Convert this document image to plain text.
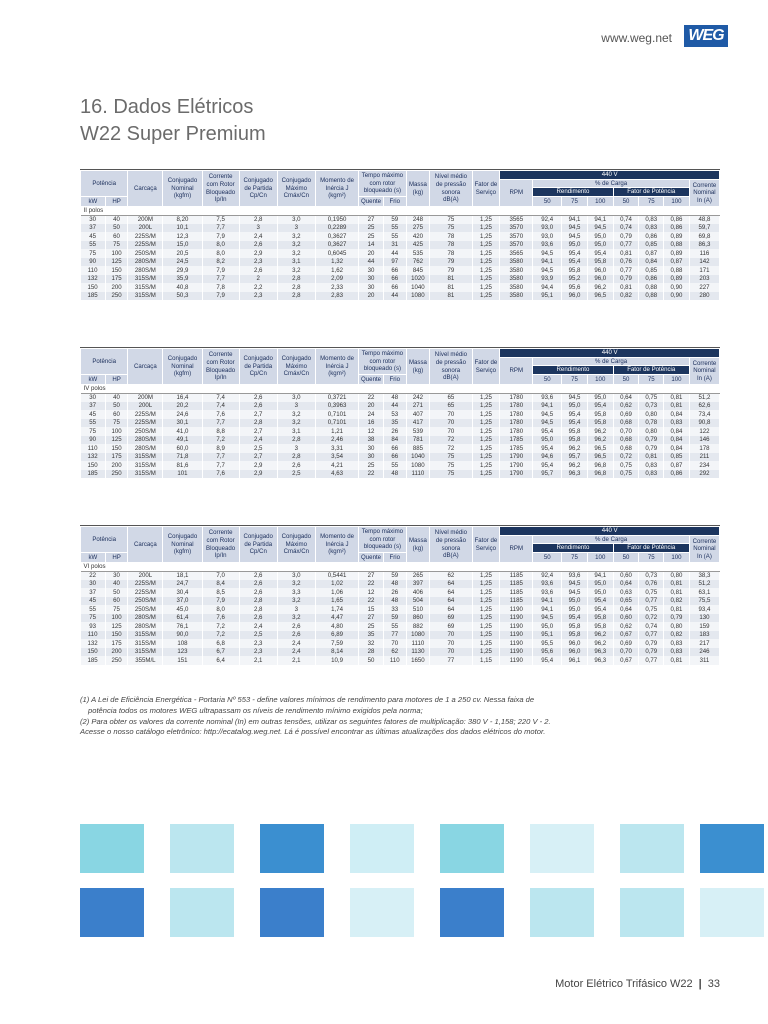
www.weg.net WEG
16. Dados Elétricos
W22 Super Premium
Potência		Carcaça	Conjugado
Nominal
(kgfm)	Corrente
com Rotor
Bloqueado
Ip/In	Conjugado
de Partida
Cp/Cn	Conjugado
Máximo
Cmáx/Cn	Momento de
Inércia J
(kgm²)	Tempo máximo
com rotor
bloqueado (s)		Massa
(kg)	Nível médio
de pressão
sonora
dB(A)	Fator de
Serviço	440 V							
													RPM	% de Carga						Corrente
Nominal
In (A)
														Rendimento			Fator de Potência			
kW	HP							Quente	Frio					50	75	100	50	75	100	
II polos																				
30	40	200M	8,20	7,5	2,8	3,0	0,1950	27	59	248	75	1,25	3565	92,4	94,1	94,1	0,74	0,83	0,86	48,8
37	50	200L	10,1	7,7	3	3	0,2289	25	55	275	75	1,25	3570	93,0	94,5	94,5	0,74	0,83	0,86	59,7
45	60	225S/M	12,3	7,9	2,4	3,2	0,3627	25	55	420	78	1,25	3570	93,0	94,5	95,0	0,79	0,86	0,89	69,8
55	75	225S/M	15,0	8,0	2,6	3,2	0,3627	14	31	425	78	1,25	3570	93,6	95,0	95,0	0,77	0,85	0,88	86,3
75	100	250S/M	20,5	8,0	2,9	3,2	0,6045	20	44	535	78	1,25	3565	94,5	95,4	95,4	0,81	0,87	0,89	116
90	125	280S/M	24,5	8,2	2,3	3,1	1,32	44	97	762	79	1,25	3580	94,1	95,4	95,8	0,76	0,84	0,87	142
110	150	280S/M	29,9	7,9	2,6	3,2	1,62	30	66	845	79	1,25	3580	94,5	95,8	96,0	0,77	0,85	0,88	171
132	175	315S/M	35,9	7,7	2	2,8	2,09	30	66	1020	81	1,25	3580	93,9	95,2	96,0	0,79	0,86	0,89	203
150	200	315S/M	40,8	7,8	2,2	2,8	2,33	30	66	1040	81	1,25	3580	94,4	95,6	96,2	0,81	0,88	0,90	227
185	250	315S/M	50,3	7,9	2,3	2,8	2,83	20	44	1080	81	1,25	3580	95,1	96,0	96,5	0,82	0,88	0,90	280
Potência		Carcaça	Conjugado
Nominal
(kgfm)	Corrente
com Rotor
Bloqueado
Ip/In	Conjugado
de Partida
Cp/Cn	Conjugado
Máximo
Cmáx/Cn	Momento de
Inércia J
(kgm²)	Tempo máximo
com rotor
bloqueado (s)		Massa
(kg)	Nível médio
de pressão
sonora
dB(A)	Fator de
Serviço	440 V							
													RPM	% de Carga						Corrente
Nominal
In (A)
														Rendimento			Fator de Potência			
kW	HP							Quente	Frio					50	75	100	50	75	100	
IV polos																				
30	40	200M	16,4	7,4	2,6	3,0	0,3721	22	48	242	65	1,25	1780	93,6	94,5	95,0	0,64	0,75	0,81	51,2
37	50	200L	20,2	7,4	2,6	3	0,3963	20	44	271	65	1,25	1780	94,1	95,0	95,4	0,62	0,73	0,81	62,6
45	60	225S/M	24,6	7,6	2,7	3,2	0,7101	24	53	407	70	1,25	1780	94,5	95,4	95,8	0,69	0,80	0,84	73,4
55	75	225S/M	30,1	7,7	2,8	3,2	0,7101	16	35	417	70	1,25	1780	94,5	95,4	95,8	0,68	0,78	0,83	90,8
75	100	250S/M	41,0	8,8	2,7	3,1	1,21	12	26	539	70	1,25	1780	95,4	95,8	96,2	0,70	0,80	0,84	122
90	125	280S/M	49,1	7,2	2,4	2,8	2,46	38	84	781	72	1,25	1785	95,0	95,8	96,2	0,68	0,79	0,84	146
110	150	280S/M	60,0	8,9	2,5	3	3,31	30	66	885	72	1,25	1785	95,4	96,2	96,5	0,68	0,79	0,84	178
132	175	315S/M	71,8	7,7	2,7	2,8	3,54	30	66	1040	75	1,25	1790	94,6	95,7	96,5	0,72	0,81	0,85	211
150	200	315S/M	81,6	7,7	2,9	2,6	4,21	25	55	1080	75	1,25	1790	95,4	96,2	96,8	0,75	0,83	0,87	234
185	250	315S/M	101	7,6	2,9	2,5	4,63	22	48	1110	75	1,25	1790	95,7	96,3	96,8	0,75	0,83	0,86	292
Potência		Carcaça	Conjugado
Nominal
(kgfm)	Corrente
com Rotor
Bloqueado
Ip/In	Conjugado
de Partida
Cp/Cn	Conjugado
Máximo
Cmáx/Cn	Momento de
Inércia J
(kgm²)	Tempo máximo
com rotor
bloqueado (s)		Massa
(kg)	Nível médio
de pressão
sonora
dB(A)	Fator de
Serviço	440 V							
													RPM	% de Carga						Corrente
Nominal
In (A)
														Rendimento			Fator de Potência			
kW	HP							Quente	Frio					50	75	100	50	75	100	
VI polos																				
22	30	200L	18,1	7,0	2,6	3,0	0,5441	27	59	265	62	1,25	1185	92,4	93,6	94,1	0,60	0,73	0,80	38,3
30	40	225S/M	24,7	8,4	2,6	3,2	1,02	22	48	397	64	1,25	1185	93,6	94,5	95,0	0,64	0,76	0,81	51,2
37	50	225S/M	30,4	8,5	2,6	3,3	1,06	12	26	406	64	1,25	1185	93,6	94,5	95,0	0,63	0,75	0,81	63,1
45	60	250S/M	37,0	7,9	2,8	3,2	1,65	22	48	504	64	1,25	1185	94,1	95,0	95,4	0,65	0,77	0,82	75,5
55	75	250S/M	45,0	8,0	2,8	3	1,74	15	33	510	64	1,25	1190	94,1	95,0	95,4	0,64	0,75	0,81	93,4
75	100	280S/M	61,4	7,6	2,6	3,2	4,47	27	59	860	69	1,25	1190	94,5	95,4	95,8	0,60	0,72	0,79	130
93	125	280S/M	76,1	7,2	2,4	2,6	4,80	25	55	882	69	1,25	1190	95,0	95,8	95,8	0,62	0,74	0,80	159
110	150	315S/M	90,0	7,2	2,5	2,6	6,89	35	77	1080	70	1,25	1190	95,1	95,8	96,2	0,67	0,77	0,82	183
132	175	315S/M	108	6,8	2,3	2,4	7,59	32	70	1110	70	1,25	1190	95,5	96,0	96,2	0,69	0,79	0,83	217
150	200	315S/M	123	6,7	2,3	2,4	8,14	28	62	1130	70	1,25	1190	95,6	96,0	96,3	0,70	0,79	0,83	246
185	250	355M/L	151	6,4	2,1	2,1	10,9	50	110	1650	77	1,15	1190	95,4	96,1	96,3	0,67	0,77	0,81	311
(1) A Lei de Eficiência Energética - Portaria Nº 553 - define valores mínimos de rendimento para motores de 1 a 250 cv. Nessa faixa de
potência todos os motores WEG ultrapassam os níveis de rendimento mínimo exigidos pela norma;
(2) Para obter os valores da corrente nominal (In) em outras tensões, utilizar os seguintes fatores de multiplicação: 380 V - 1,158; 220 V - 2.
Acesse o nosso catálogo eletrônico: http://ecatalog.weg.net. Lá é possível encontrar as últimas atualizações dos dados elétricos do motor.
Motor Elétrico Trifásico W22 | 33
